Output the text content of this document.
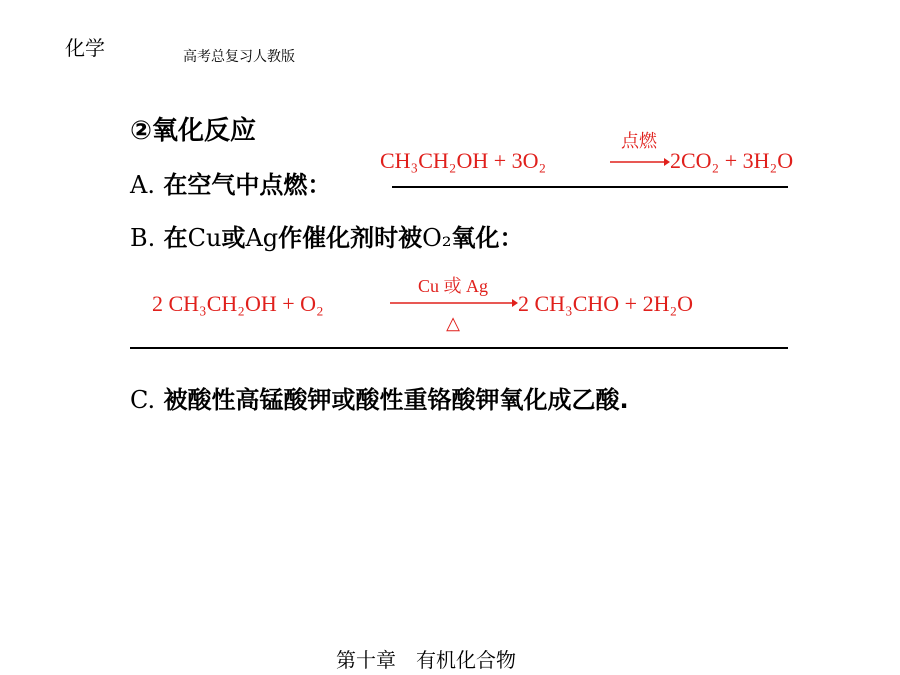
化学	高考总复习人教版
②氧化反应
A. 在空气中点燃：
CH₃CH₂OH + 3O₂
点燃
2CO₂ + 3H₂O
B. 在Cu或Ag作催化剂时被O₂氧化：
2 CH₃CH₂OH + O₂
Cu 或 Ag
△
2 CH₃CHO + 2H₂O
C. 被酸性高锰酸钾或酸性重铬酸钾氧化成乙酸.
第十章　有机化合物
